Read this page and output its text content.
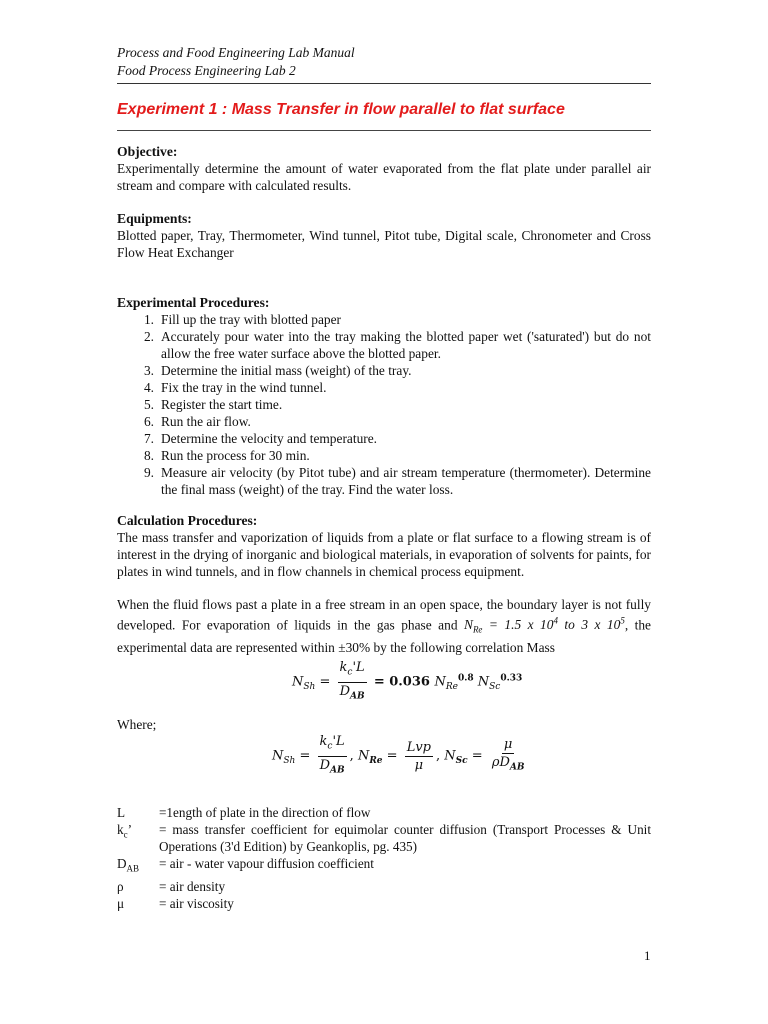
Process and Food Engineering Lab Manual
Food Process Engineering Lab 2
Experiment 1 : Mass Transfer in flow parallel to flat surface
Objective:
Experimentally determine the amount of water evaporated from the flat plate under parallel air stream and compare with calculated results.
Equipments:
Blotted paper, Tray, Thermometer, Wind tunnel, Pitot tube, Digital scale, Chronometer and Cross Flow Heat Exchanger
Experimental Procedures:
1. Fill up the tray with blotted paper
2. Accurately pour water into the tray making the blotted paper wet ('saturated') but do not allow the free water surface above the blotted paper.
3. Determine the initial mass (weight) of the tray.
4. Fix the tray in the wind tunnel.
5. Register the start time.
6. Run the air flow.
7. Determine the velocity and temperature.
8. Run the process for 30 min.
9. Measure air velocity (by Pitot tube) and air stream temperature (thermometer). Determine the final mass (weight) of the tray. Find the water loss.
Calculation Procedures:
The mass transfer and vaporization of liquids from a plate or flat surface to a flowing stream is of interest in the drying of inorganic and biological materials, in evaporation of solvents for paints, for plates in wind tunnels, and in flow channels in chemical process equipment.
When the fluid flows past a plate in a free stream in an open space, the boundary layer is not fully developed. For evaporation of liquids in the gas phase and $N_{Re} = 1.5$ x $10^4$ to 3 x $10^5$, the experimental data are represented within ±30% by the following correlation Mass
$N_{Sh} = \frac{k_c'L}{D_{AB}} = 0.036$ $N_{Re}^{0.8}$ $N_{Sc}^{0.33}$
Where;
$N_{Sh} = \frac{k_c'L}{D_{AB}}$ , $N_{Re} = \frac{\text{Lvp}}{\mu}$ , $N_{Sc} = \frac{\mu}{\rho D_{AB}}$
L	=1ength of plate in the direction of flow
$k_c$’	= mass transfer coefficient for equimolar counter diffusion (Transport Processes & Unit Operations (3'd Edition) by Geankoplis, pg. 435)
$D_{AB}$	= air - water vapour diffusion coefficient
ρ	= air density
μ	= air viscosity
1
